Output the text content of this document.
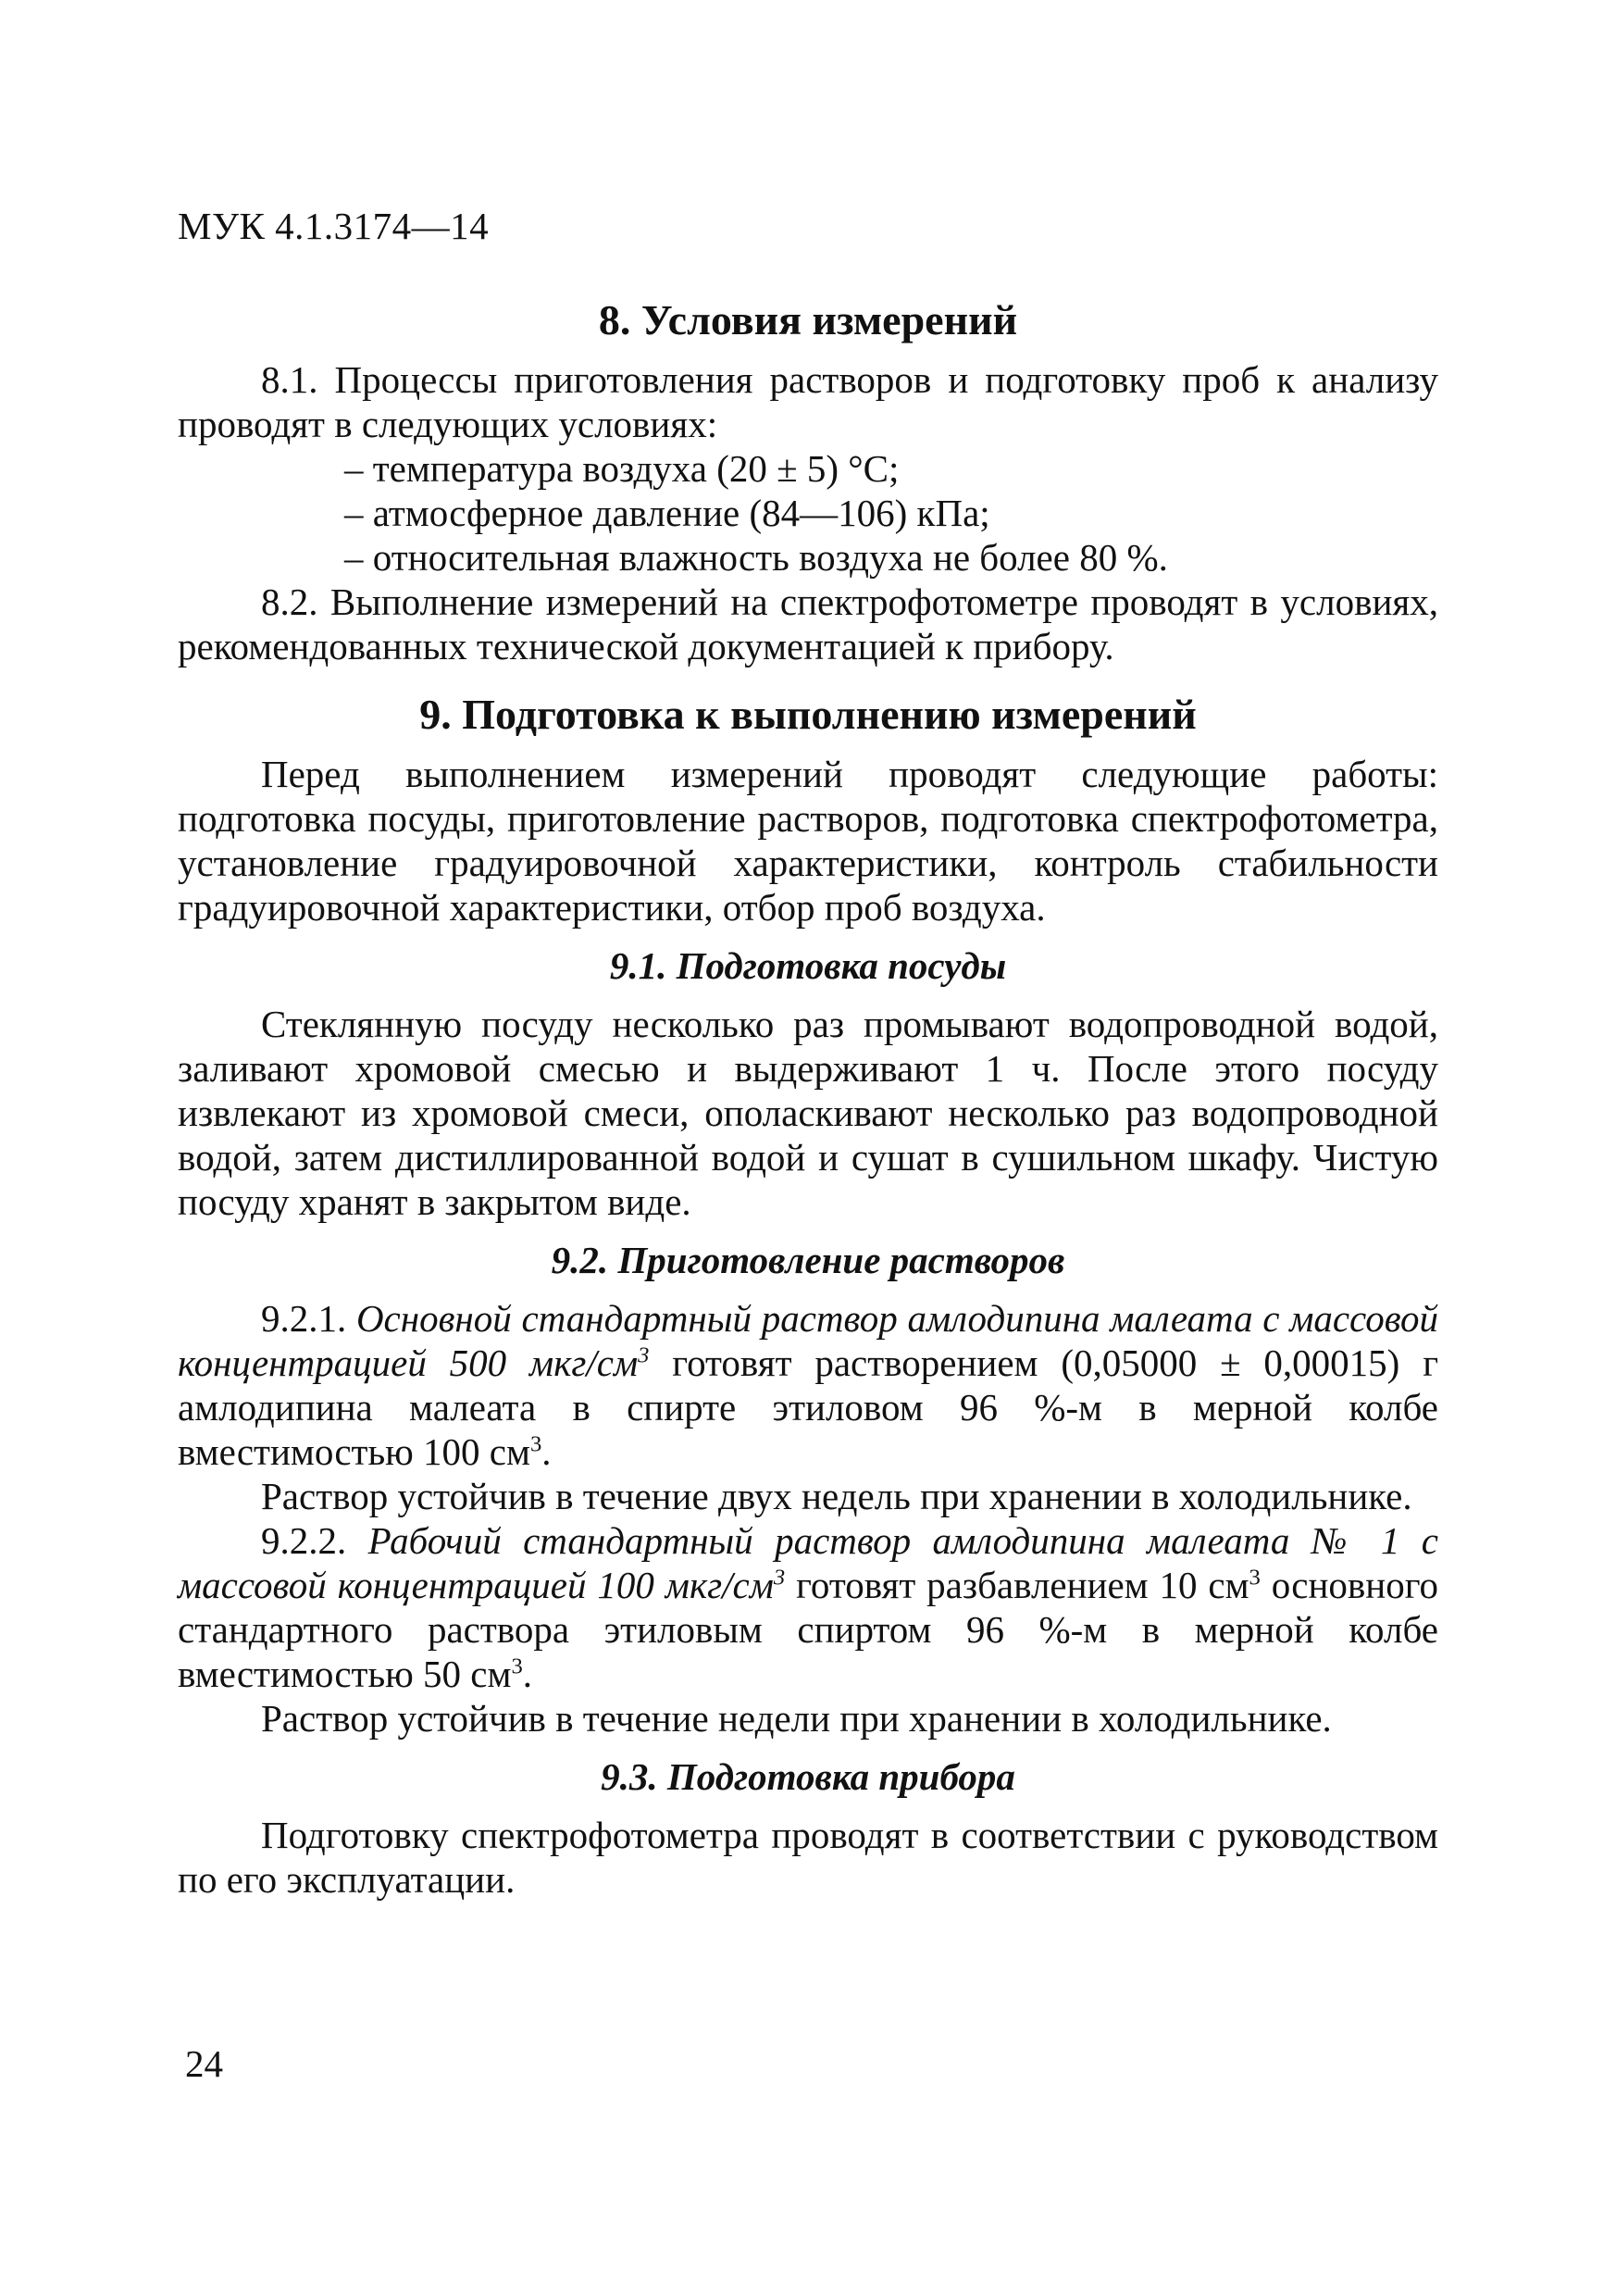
МУК 4.1.3174—14
8. Условия измерений

8.1. Процессы приготовления растворов и подготовку проб к анализу проводят в следующих условиях:

– температура воздуха (20 ± 5) °С;

– атмосферное давление (84—106) кПа;

– относительная влажность воздуха не более 80 %.

8.2. Выполнение измерений на спектрофотометре проводят в условиях, рекомендованных технической документацией к прибору.

9. Подготовка к выполнению измерений

Перед выполнением измерений проводят следующие работы: подготовка посуды, приготовление растворов, подготовка спектрофотометра, установление градуировочной характеристики, контроль стабильности градуировочной характеристики, отбор проб воздуха.

9.1. Подготовка посуды

Стеклянную посуду несколько раз промывают водопроводной водой, заливают хромовой смесью и выдерживают 1 ч. После этого посуду извлекают из хромовой смеси, ополаскивают несколько раз водопроводной водой, затем дистиллированной водой и сушат в сушильном шкафу. Чистую посуду хранят в закрытом виде.

9.2. Приготовление растворов

9.2.1. Основной стандартный раствор амлодипина малеата с массовой концентрацией 500 мкг/$см^3$ готовят растворением (0,05000 ± 0,00015) г амлодипина малеата в спирте этиловом 96 %-м в мерной колбе вместимостью 100 $см^3$.

Раствор устойчив в течение двух недель при хранении в холодильнике.

9.2.2. Рабочий стандартный раствор амлодипина малеата № 1 с массовой концентрацией 100 мкг/$см^3$ готовят разбавлением 10 $см^3$ основного стандартного раствора этиловым спиртом 96 %-м в мерной колбе вместимостью 50 $см^3$.

Раствор устойчив в течение недели при хранении в холодильнике.

9.3. Подготовка прибора

Подготовку спектрофотометра проводят в соответствии с руководством по его эксплуатации.

24
